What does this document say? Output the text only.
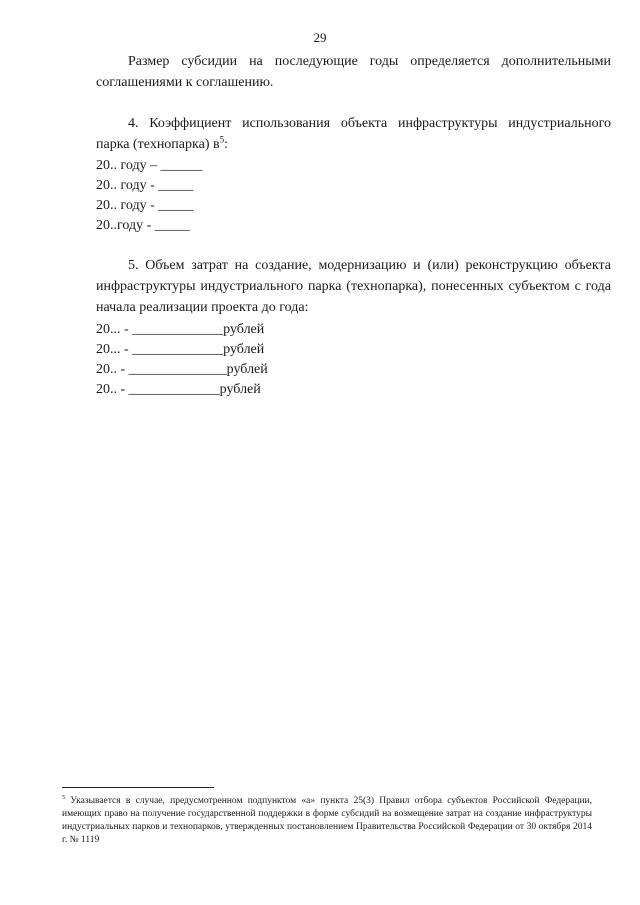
29
Размер субсидии на последующие годы определяется дополнительными соглашениями к соглашению.
4. Коэффициент использования объекта инфраструктуры индустриального парка (технопарка) $в^5$:
20.. году – ______
20.. году - _____
20.. году - _____
20..году - _____
5. Объем затрат на создание, модернизацию и (или) реконструкцию объекта инфраструктуры индустриального парка (технопарка), понесенных субъектом с года начала реализации проекта до года:
20... - _____________рублей
20... - _____________рублей
20.. - ______________рублей
20.. - _____________рублей
$^5$ Указывается в случае, предусмотренном подпунктом «а» пункта 25(3) Правил отбора субъектов Российской Федерации, имеющих право на получение государственной поддержки в форме субсидий на возмещение затрат на создание инфраструктуры индустриальных парков и технопарков, утвержденных постановлением Правительства Российской Федерации от 30 октября 2014 г. № 1119
